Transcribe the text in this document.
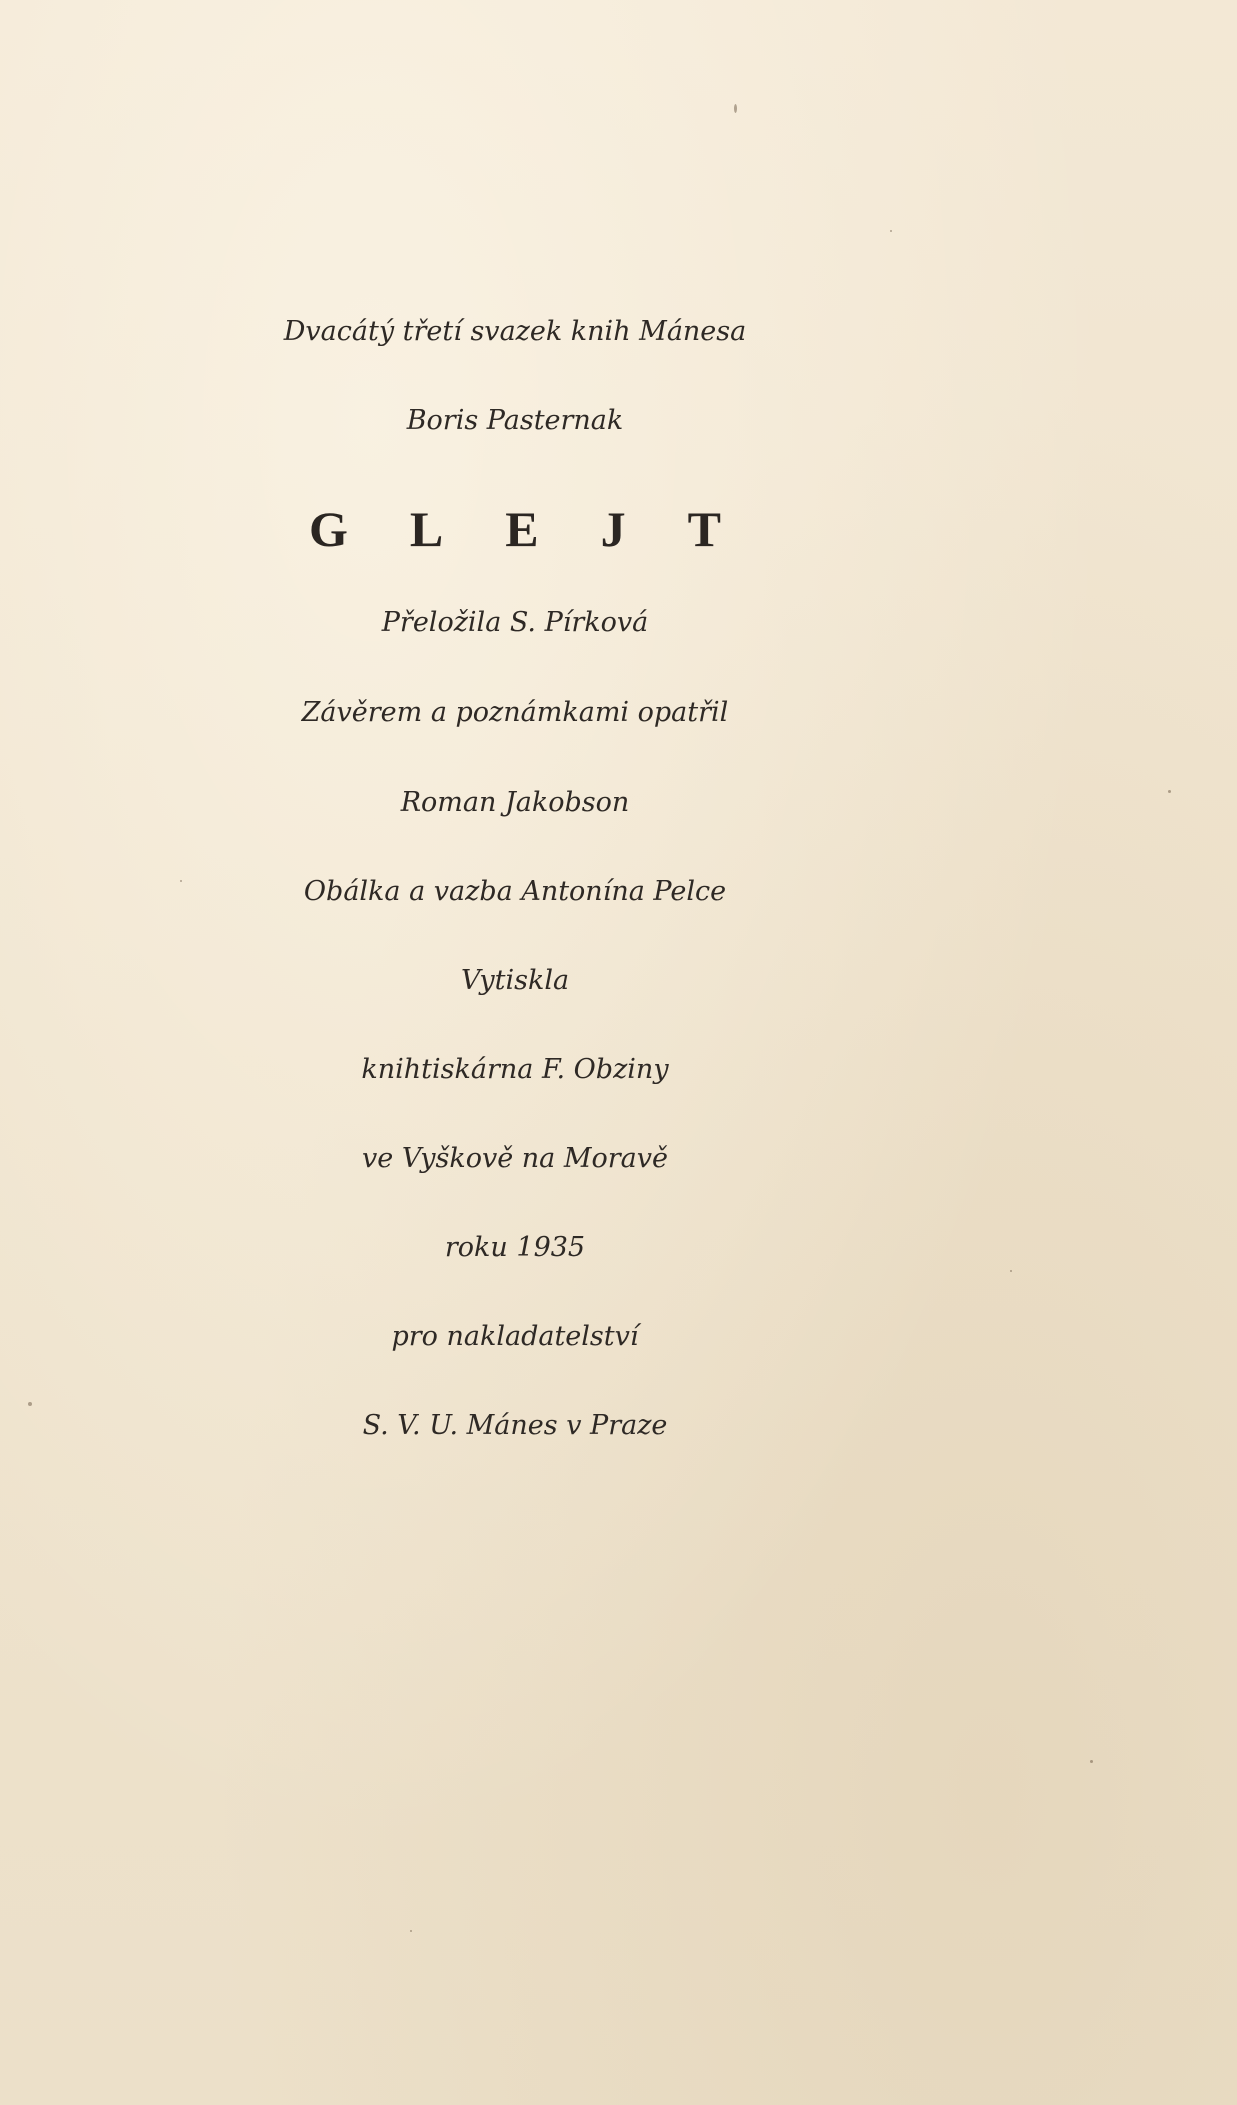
Dvacátý třetí svazek knih Mánesa
Boris Pasternak
GLEJT
Přeložila S. Pírková
Závěrem a poznámkami opatřil
Roman Jakobson
Obálka a vazba Antonína Pelce
Vytiskla
knihtiskárna F. Obziny
ve Vyškově na Moravě
roku 1935
pro nakladatelství
S. V. U. Mánes v Praze
